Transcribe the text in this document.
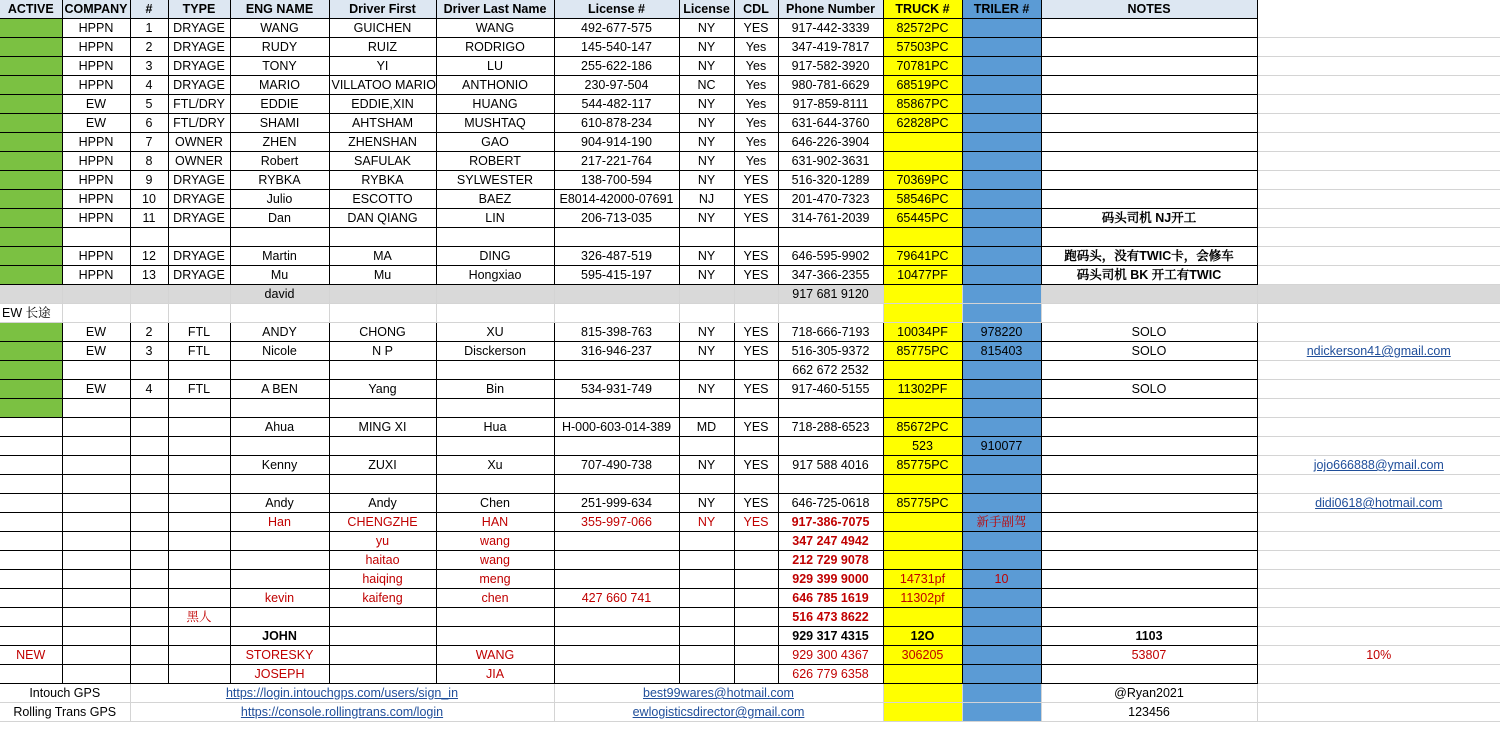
ACTIVE	COMPANY	#	TYPE	ENG NAME	Driver First	Driver Last Name	License #	License	CDL	Phone Number	TRUCK #	TRILER #	NOTES	
	HPPN	1	DRYAGE	WANG	GUICHEN	WANG	492-677-575	NY	YES	917-442-3339	82572PC			
	HPPN	2	DRYAGE	RUDY	RUIZ	RODRIGO	145-540-147	NY	Yes	347-419-7817	57503PC			
	HPPN	3	DRYAGE	TONY	YI	LU	255-622-186	NY	Yes	917-582-3920	70781PC			
	HPPN	4	DRYAGE	MARIO	VILLATOO MARIO	ANTHONIO	230-97-504	NC	Yes	980-781-6629	68519PC			
	EW	5	FTL/DRY	EDDIE	EDDIE,XIN	HUANG	544-482-117	NY	Yes	917-859-8111	85867PC			
	EW	6	FTL/DRY	SHAMI	AHTSHAM	MUSHTAQ	610-878-234	NY	Yes	631-644-3760	62828PC			
	HPPN	7	OWNER	ZHEN	ZHENSHAN	GAO	904-914-190	NY	Yes	646-226-3904				
	HPPN	8	OWNER	Robert	SAFULAK	ROBERT	217-221-764	NY	Yes	631-902-3631				
	HPPN	9	DRYAGE	RYBKA	RYBKA	SYLWESTER	138-700-594	NY	YES	516-320-1289	70369PC			
	HPPN	10	DRYAGE	Julio	ESCOTTO	BAEZ	E8014-42000-07691	NJ	YES	201-470-7323	58546PC			
	HPPN	11	DRYAGE	Dan	DAN QIANG	LIN	206-713-035	NY	YES	314-761-2039	65445PC		码头司机 NJ开工	

	HPPN	12	DRYAGE	Martin	MA	DING	326-487-519	NY	YES	646-595-9902	79641PC		跑码头，没有TWIC卡，会修车	
	HPPN	13	DRYAGE	Mu	Mu	Hongxiao	595-415-197	NY	YES	347-366-2355	10477PF		码头司机 BK 开工有TWIC	
				david						917 681 9120				
EW 长途														
	EW	2	FTL	ANDY	CHONG	XU	815-398-763	NY	YES	718-666-7193	10034PF	978220	SOLO	
	EW	3	FTL	Nicole	N P	Disckerson	316-946-237	NY	YES	516-305-9372	85775PC	815403	SOLO	ndickerson41@gmail.com
										662 672 2532				
	EW	4	FTL	A BEN	Yang	Bin	534-931-749	NY	YES	917-460-5155	11302PF		SOLO	

				Ahua	MING XI	Hua	H-000-603-014-389	MD	YES	718-288-6523	85672PC			
											523	910077		
				Kenny	ZUXI	Xu	707-490-738	NY	YES	917 588 4016	85775PC			jojo666888@ymail.com

				Andy	Andy	Chen	251-999-634	NY	YES	646-725-0618	85775PC			didi0618@hotmail.com
				Han	CHENGZHE	HAN	355-997-066	NY	YES	917-386-7075		新手副驾		
					yu	wang				347 247 4942				
					haitao	wang				212 729 9078				
					haiqing	meng				929 399 9000	14731pf	10		
				kevin	kaifeng	chen	427 660 741			646 785 1619	11302pf			
			黑人							516 473 8622				
				JOHN						929 317 4315	12O		1103	
NEW				STORESKY		WANG				929 300 4367	306205		53807	10%
				JOSEPH		JIA				626 779 6358				
Intouch GPS		https://login.intouchgps.com/users/sign_in					best99wares@hotmail.com						@Ryan2021	
Rolling Trans GPS		https://console.rollingtrans.com/login					ewlogisticsdirector@gmail.com						123456	
